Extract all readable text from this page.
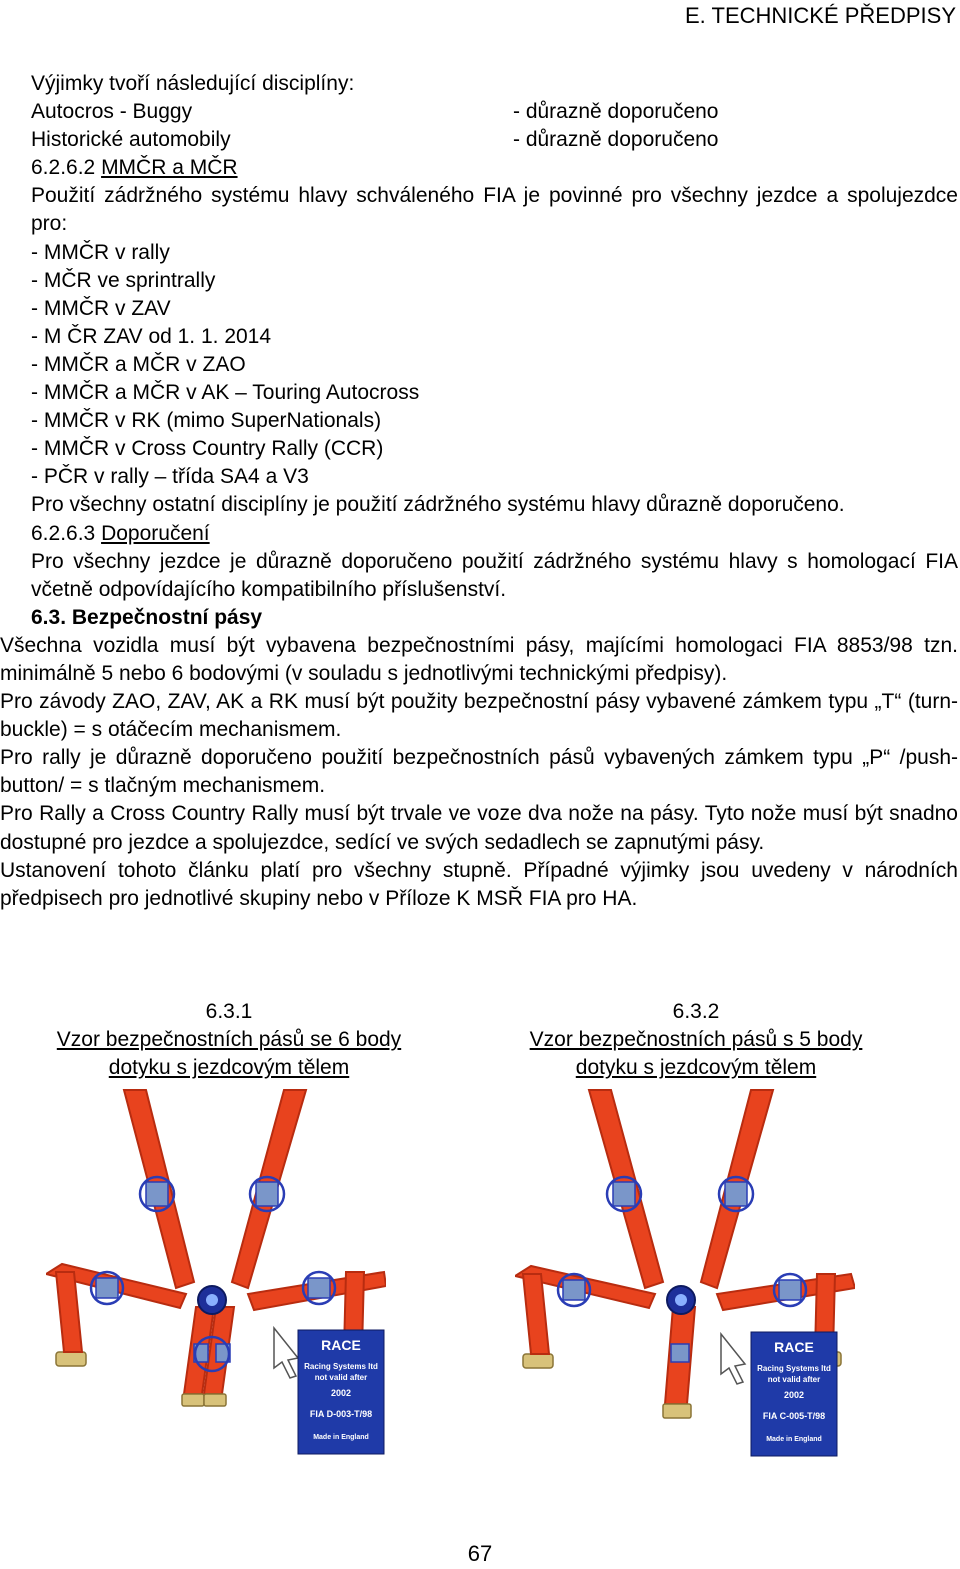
E. TECHNICKÉ PŘEDPISY
Výjimky tvoří následující disciplíny:
Autocros - Buggy	- důrazně doporučeno
Historické automobily	- důrazně doporučeno
6.2.6.2 MMČR a MČR
Použití zádržného systému hlavy schváleného FIA je povinné pro všechny jezdce a spolujezdce pro:
- MMČR v rally
- MČR ve sprintrally
- MMČR v ZAV
- M ČR ZAV od 1. 1. 2014
- MMČR a MČR v ZAO
- MMČR a MČR v AK – Touring Autocross
- MMČR v RK (mimo SuperNationals)
- MMČR v Cross Country Rally (CCR)
- PČR v rally – třída SA4 a V3
Pro všechny ostatní disciplíny je použití zádržného systému hlavy důrazně doporučeno.
6.2.6.3 Doporučení
Pro všechny jezdce je důrazně doporučeno použití zádržného systému hlavy s homologací FIA včetně odpovídajícího kompatibilního příslušenství.
6.3. Bezpečnostní pásy
Všechna vozidla musí být vybavena bezpečnostními pásy, majícími homologaci FIA 8853/98 tzn. minimálně 5 nebo 6 bodovými (v souladu s jednotlivými technickými předpisy).
Pro závody ZAO, ZAV, AK a RK musí být použity bezpečnostní pásy vybavené zámkem typu „T“ (turn-buckle) = s otáčecím mechanismem.
Pro rally je důrazně doporučeno použití bezpečnostních pásů vybavených zámkem typu „P“ /push-button/ = s tlačným mechanismem.
Pro Rally a Cross Country Rally musí být trvale ve voze dva nože na pásy. Tyto nože musí být snadno dostupné pro jezdce a spolujezdce, sedící ve svých sedadlech se zapnutými pásy.
Ustanovení tohoto článku platí pro všechny stupně. Případné výjimky jsou uvedeny v národních předpisech pro jednotlivé skupiny nebo v Příloze K MSŘ FIA pro HA.
6.3.1
Vzor bezpečnostních pásů se 6 body
dotyku s jezdcovým tělem
6.3.2
Vzor bezpečnostních pásů s 5 body
dotyku s jezdcovým tělem
RACE
Racing Systems ltd
not valid after
2002
FIA D-003-T/98
Made in England
RACE
Racing Systems ltd
not valid after
2002
FIA C-005-T/98
Made in England
67
